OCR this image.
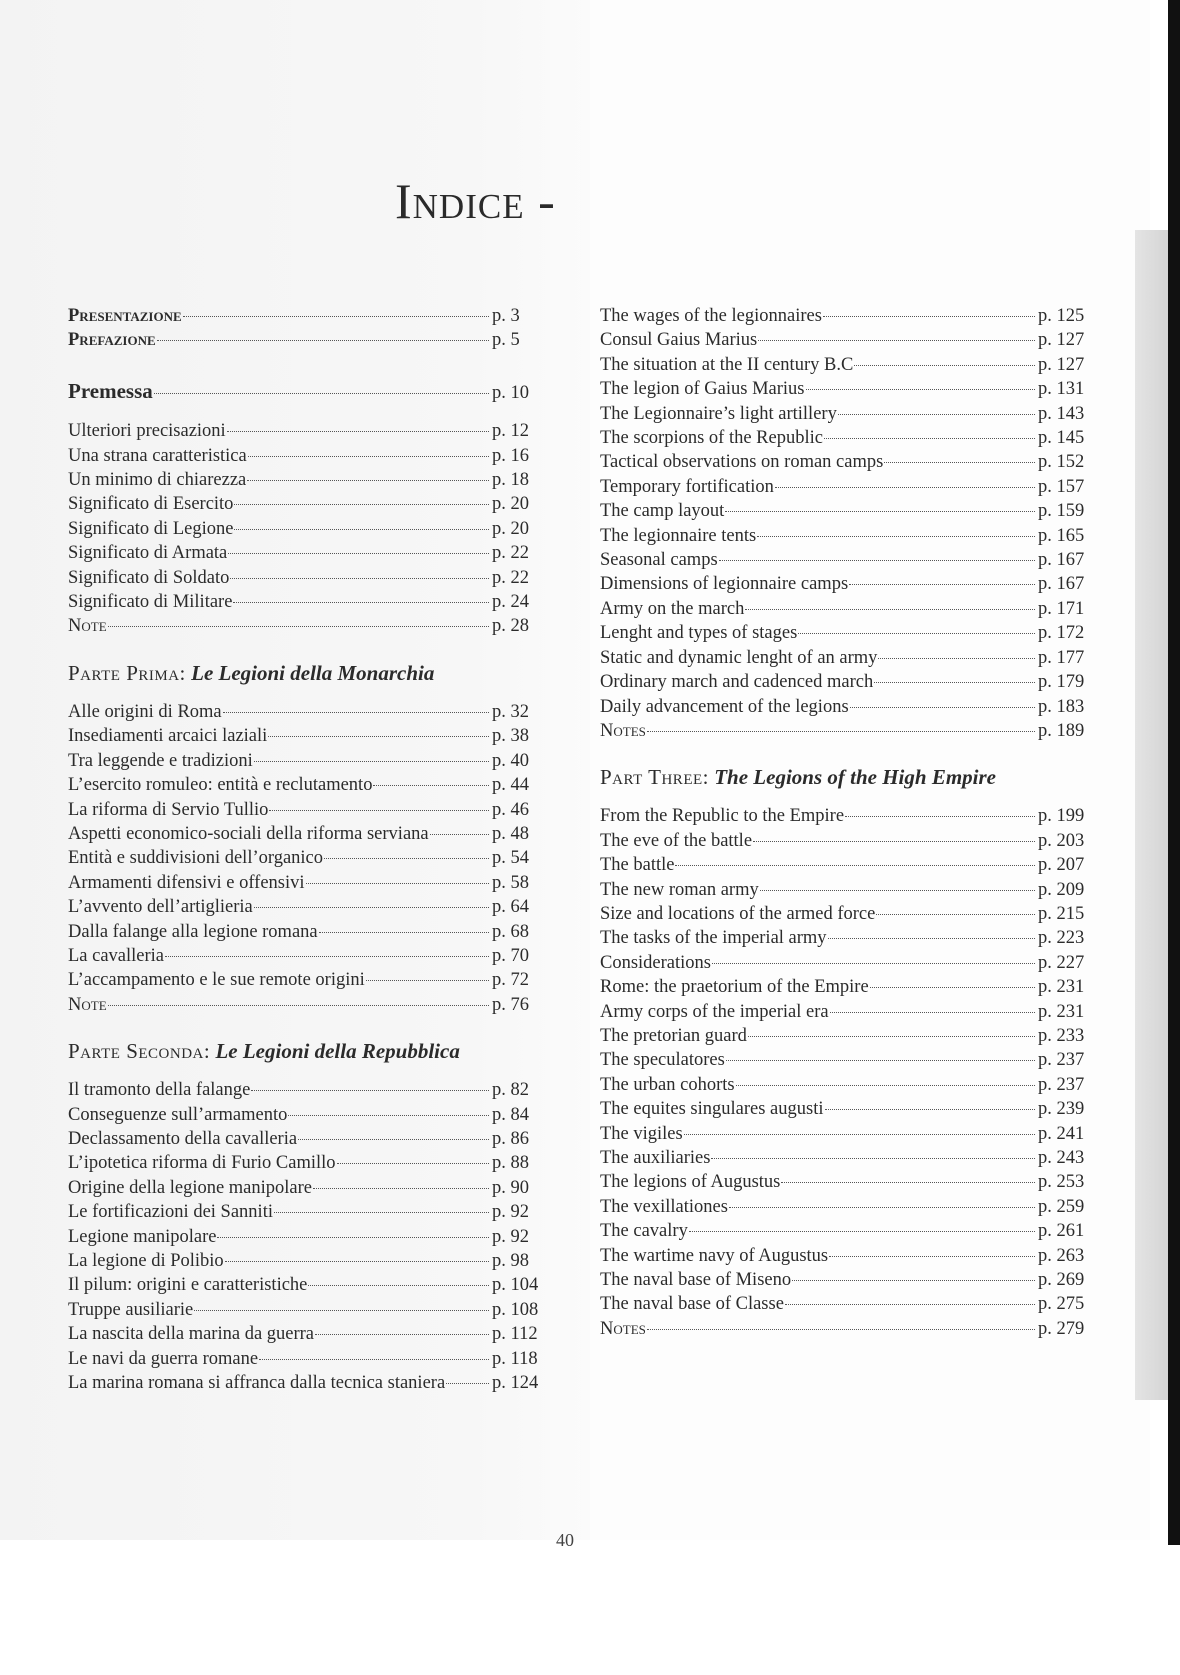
Indice -
Presentazione	p. 3
Prefazione	p. 5
Premessa	p. 10
Ulteriori precisazioni	p. 12
Una strana caratteristica	p. 16
Un minimo di chiarezza	p. 18
Significato di Esercito	p. 20
Significato di Legione	p. 20
Significato di Armata	p. 22
Significato di Soldato	p. 22
Significato di Militare	p. 24
Note	p. 28
Parte Prima: Le Legioni della Monarchia
Alle origini di Roma	p. 32
Insediamenti arcaici laziali	p. 38
Tra leggende e tradizioni	p. 40
L’esercito romuleo: entità e reclutamento	p. 44
La riforma di Servio Tullio	p. 46
Aspetti economico-sociali della riforma serviana	p. 48
Entità e suddivisioni dell’organico	p. 54
Armamenti difensivi e offensivi	p. 58
L’avvento dell’artiglieria	p. 64
Dalla falange alla legione romana	p. 68
La cavalleria	p. 70
L’accampamento e le sue remote origini	p. 72
Note	p. 76
Parte Seconda: Le Legioni della Repubblica
Il tramonto della falange	p. 82
Conseguenze sull’armamento	p. 84
Declassamento della cavalleria	p. 86
L’ipotetica riforma di Furio Camillo	p. 88
Origine della legione manipolare	p. 90
Le fortificazioni dei Sanniti	p. 92
Legione manipolare	p. 92
La legione di Polibio	p. 98
Il pilum: origini e caratteristiche	p. 104
Truppe ausiliarie	p. 108
La nascita della marina da guerra	p. 112
Le navi da guerra romane	p. 118
La marina romana si affranca dalla tecnica staniera	p. 124
The wages of the legionnaires	p. 125
Consul Gaius Marius	p. 127
The situation at the II century B.C	p. 127
The legion of Gaius Marius	p. 131
The Legionnaire’s light artillery	p. 143
The scorpions of the Republic	p. 145
Tactical observations on roman camps	p. 152
Temporary fortification	p. 157
The camp layout	p. 159
The legionnaire tents	p. 165
Seasonal camps	p. 167
Dimensions of legionnaire camps	p. 167
Army on the march	p. 171
Lenght and types of stages	p. 172
Static and dynamic lenght of an army	p. 177
Ordinary march and cadenced march	p. 179
Daily advancement of the legions	p. 183
Notes	p. 189
Part Three: The Legions of the High Empire
From the Republic to the Empire	p. 199
The eve of the battle	p. 203
The battle	p. 207
The new roman army	p. 209
Size and locations of the armed force	p. 215
The tasks of the imperial army	p. 223
Considerations	p. 227
Rome: the praetorium of the Empire	p. 231
Army corps of the imperial era	p. 231
The pretorian guard	p. 233
The speculatores	p. 237
The urban cohorts	p. 237
The equites singulares augusti	p. 239
The vigiles	p. 241
The auxiliaries	p. 243
The legions of Augustus	p. 253
The vexillationes	p. 259
The cavalry	p. 261
The wartime navy of Augustus	p. 263
The naval base of Miseno	p. 269
The naval base of Classe	p. 275
Notes	p. 279
40
